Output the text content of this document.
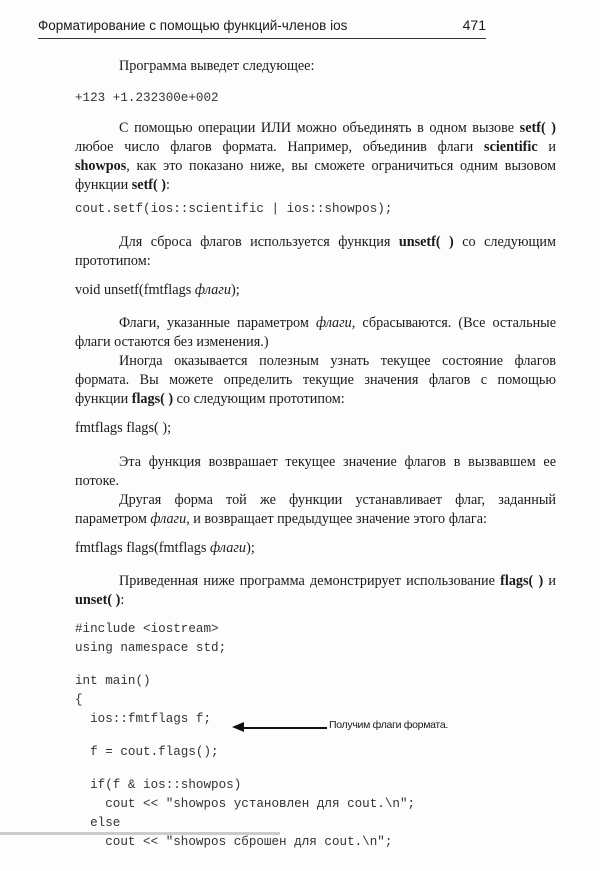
Форматирование с помощью функций-членов ios	471
Программа выведет следующее:
+123 +1.232300e+002
С помощью операции ИЛИ можно объединять в одном вызове setf( ) любое число флагов формата. Например, объединив флаги scientific и showpos, как это показано ниже, вы сможете ограничиться одним вызовом функции setf( ):
cout.setf(ios::scientific | ios::showpos);
Для сброса флагов используется функция unsetf( ) со следующим прототипом:
void unsetf(fmtflags флаги);
Флаги, указанные параметром флаги, сбрасываются. (Все остальные флаги остаются без изменения.)
Иногда оказывается полезным узнать текущее состояние флагов формата. Вы можете определить текущие значения флагов с помощью функции flags( ) со следующим прототипом:
fmtflags flags( );
Эта функция возврашает текущее значение флагов в вызвавшем ее потоке.
Другая форма той же функции устанавливает флаг, заданный параметром флаги, и возвращает предыдущее значение этого флага:
fmtflags flags(fmtflags флаги);
Приведенная ниже программа демонстрирует использование flags( ) и unset( ):

#include <iostream>
using namespace std;
int main()
{
ios::fmtflags f;
f = cout.flags();
if(f & ios::showpos)
cout << "showpos установлен для cout.\n";
else
cout << "showpos сброшен для cout.\n";

Получим флаги формата.
